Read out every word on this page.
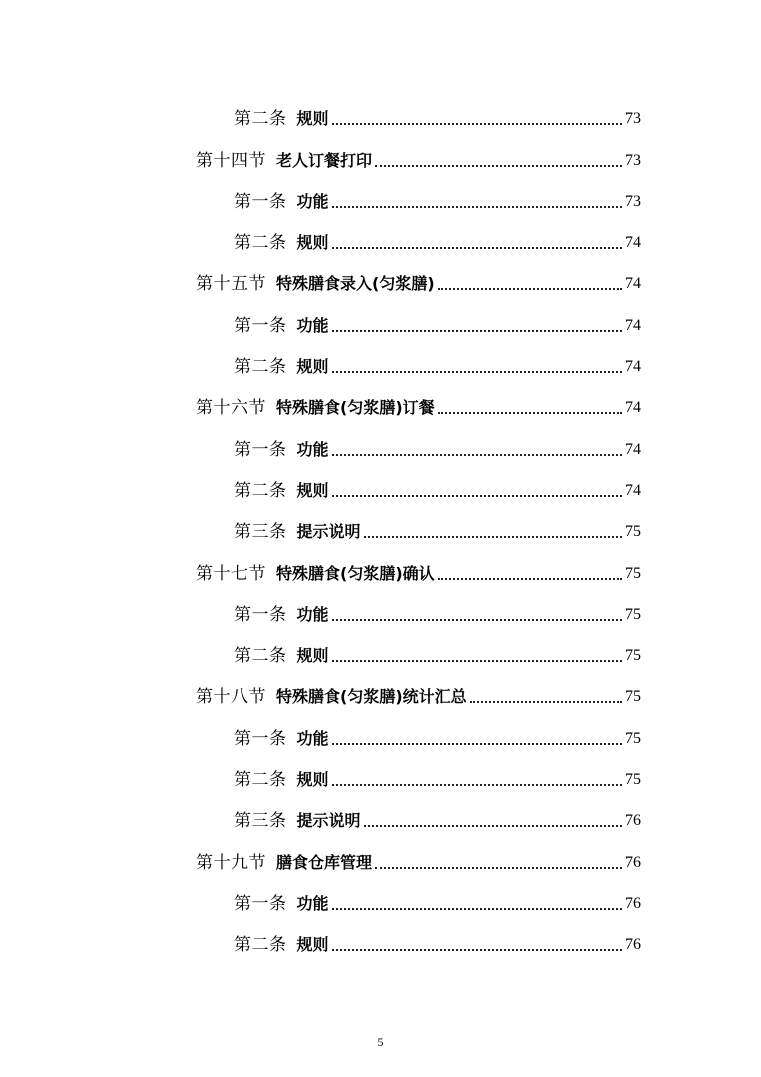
第二条 规则	73
第十四节 老人订餐打印	73
第一条 功能	73
第二条 规则	74
第十五节 特殊膳食录入(匀浆膳)	74
第一条 功能	74
第二条 规则	74
第十六节 特殊膳食(匀浆膳)订餐	74
第一条 功能	74
第二条 规则	74
第三条 提示说明	75
第十七节 特殊膳食(匀浆膳)确认	75
第一条 功能	75
第二条 规则	75
第十八节 特殊膳食(匀浆膳)统计汇总	75
第一条 功能	75
第二条 规则	75
第三条 提示说明	76
第十九节 膳食仓库管理	76
第一条 功能	76
第二条 规则	76
5
